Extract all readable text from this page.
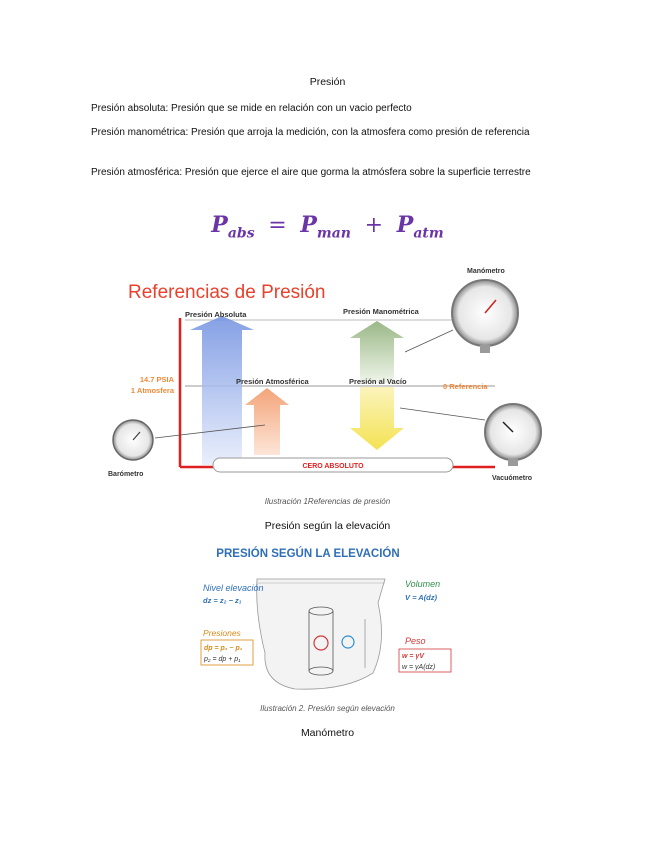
Presión
Presión absoluta: Presión que se mide en relación con un vacio perfecto
Presión manométrica: Presión que arroja la medición, con la atmosfera como presión de referencia
Presión atmosférica: Presión que ejerce el aire que gorma la atmósfera sobre la superficie terrestre
$P_{abs} = P_{man} + P_{atm}$
Referencias de Presión
Presión Absoluta	Presión Manométrica
Presión Atmosférica	Presión al Vacío
14.7 PSIA
1 Atmosfera	0 Referencia
CERO ABSOLUTO
Manómetro
Barómetro
Vacuómetro
Ilustración 1Referencias de presión
Presión según la elevación
PRESIÓN SEGÚN LA ELEVACIÓN
Nivel elevación
dz = z₂ − z₁
Presiones
dp = p₂ − p₁
p₂ = dp + p₁
Volumen
V = A(dz)
Peso
w = γV
w = γA(dz)
Ilustración 2. Presión según elevación
Manómetro
